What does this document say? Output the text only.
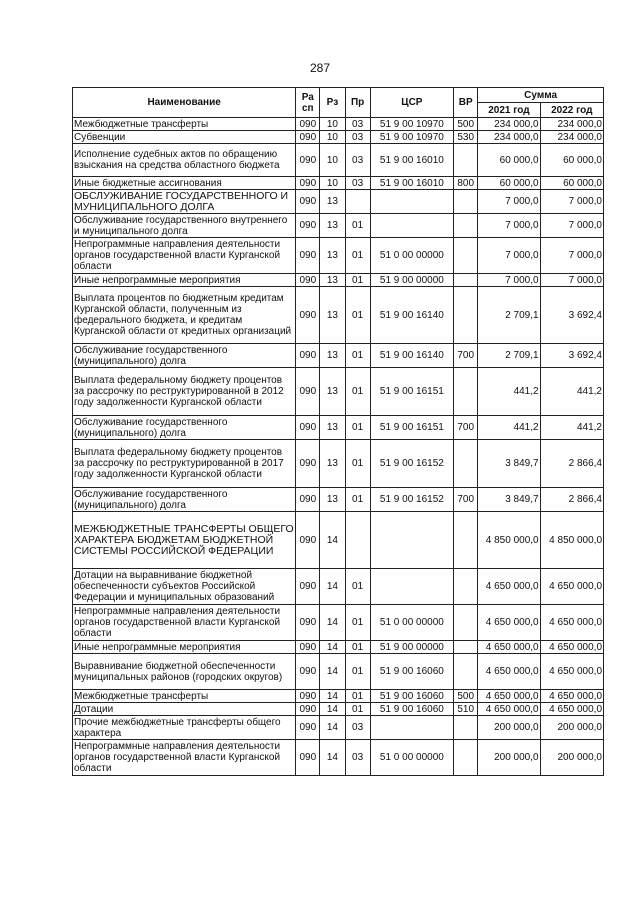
287
Наименование	Ра сп	Рз	Пр	ЦСР	ВР	Сумма	
						2021 год	2022 год
Межбюджетные трансферты	090	10	03	51 9 00 10970	500	234 000,0	234 000,0
Субвенции	090	10	03	51 9 00 10970	530	234 000,0	234 000,0
Исполнение судебных актов по обращению взыскания на средства областного бюджета	090	10	03	51 9 00 16010		60 000,0	60 000,0
Иные бюджетные ассигнования	090	10	03	51 9 00 16010	800	60 000,0	60 000,0
ОБСЛУЖИВАНИЕ ГОСУДАРСТВЕННОГО И МУНИЦИПАЛЬНОГО ДОЛГА	090	13				7 000,0	7 000,0
Обслуживание государственного внутреннего и муниципального долга	090	13	01			7 000,0	7 000,0
Непрограммные направления деятельности органов государственной власти Курганской области	090	13	01	51 0 00 00000		7 000,0	7 000,0
Иные непрограммные мероприятия	090	13	01	51 9 00 00000		7 000,0	7 000,0
Выплата процентов по бюджетным кредитам Курганской области, полученным из федерального бюджета, и кредитам Курганской области от кредитных организаций	090	13	01	51 9 00 16140		2 709,1	3 692,4
Обслуживание государственного (муниципального) долга	090	13	01	51 9 00 16140	700	2 709,1	3 692,4
Выплата федеральному бюджету процентов за рассрочку по реструктурированной в 2012 году задолженности Курганской области	090	13	01	51 9 00 16151		441,2	441,2
Обслуживание государственного (муниципального) долга	090	13	01	51 9 00 16151	700	441,2	441,2
Выплата федеральному бюджету процентов за рассрочку по реструктурированной в 2017 году задолженности Курганской области	090	13	01	51 9 00 16152		3 849,7	2 866,4
Обслуживание государственного (муниципального) долга	090	13	01	51 9 00 16152	700	3 849,7	2 866,4
МЕЖБЮДЖЕТНЫЕ ТРАНСФЕРТЫ ОБЩЕГО ХАРАКТЕРА БЮДЖЕТАМ БЮДЖЕТНОЙ СИСТЕМЫ РОССИЙСКОЙ ФЕДЕРАЦИИ	090	14				4 850 000,0	4 850 000,0
Дотации на выравнивание бюджетной обеспеченности субъектов Российской Федерации и муниципальных образований	090	14	01			4 650 000,0	4 650 000,0
Непрограммные направления деятельности органов государственной власти Курганской области	090	14	01	51 0 00 00000		4 650 000,0	4 650 000,0
Иные непрограммные мероприятия	090	14	01	51 9 00 00000		4 650 000,0	4 650 000,0
Выравнивание бюджетной обеспеченности муниципальных районов (городских округов)	090	14	01	51 9 00 16060		4 650 000,0	4 650 000,0
Межбюджетные трансферты	090	14	01	51 9 00 16060	500	4 650 000,0	4 650 000,0
Дотации	090	14	01	51 9 00 16060	510	4 650 000,0	4 650 000,0
Прочие межбюджетные трансферты общего характера	090	14	03			200 000,0	200 000,0
Непрограммные направления деятельности органов государственной власти Курганской области	090	14	03	51 0 00 00000		200 000,0	200 000,0
